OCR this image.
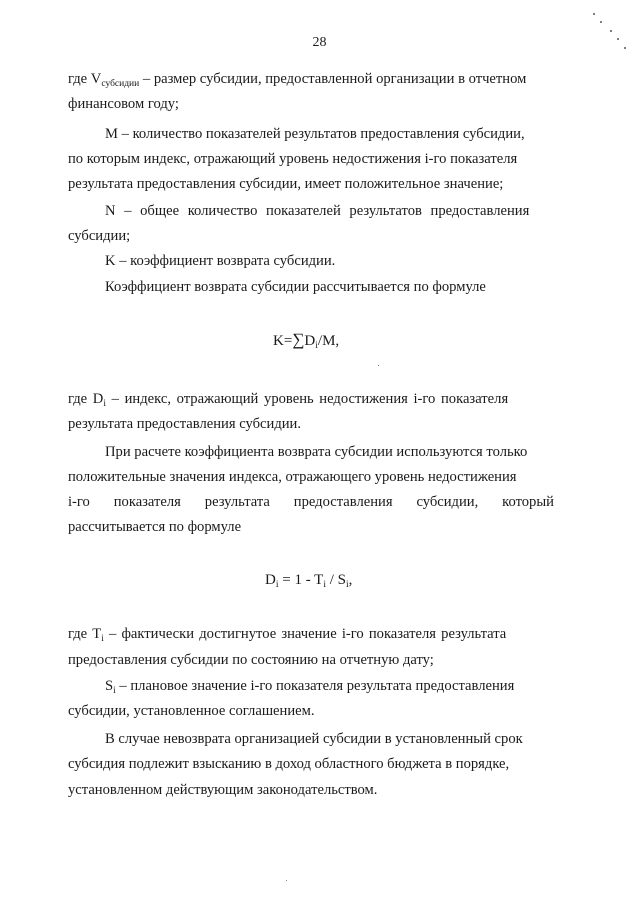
28
где $V_{субсидии}$ – размер субсидии, предоставленной организации в отчетном
финансовом году;
М – количество показателей результатов предоставления субсидии,
по которым индекс, отражающий уровень недостижения i-го показателя
результата предоставления субсидии, имеет положительное значение;
N – общее количество показателей результатов предоставления
субсидии;
K – коэффициент возврата субсидии.
Коэффициент возврата субсидии рассчитывается по формуле
$K=\sum D_i/M$,
где $D_i$ – индекс, отражающий уровень недостижения i-го показателя
результата предоставления субсидии.
При расчете коэффициента возврата субсидии используются только
положительные значения индекса, отражающего уровень недостижения
i-го показателя результата предоставления субсидии, который
рассчитывается по формуле
$D_i = 1 - T_i / S_i$,
где $T_i$ – фактически достигнутое значение i-го показателя результата
предоставления субсидии по состоянию на отчетную дату;
$S_i$ – плановое значение i-го показателя результата предоставления
субсидии, установленное соглашением.
В случае невозврата организацией субсидии в установленный срок
субсидия подлежит взысканию в доход областного бюджета в порядке,
установленном действующим законодательством.
